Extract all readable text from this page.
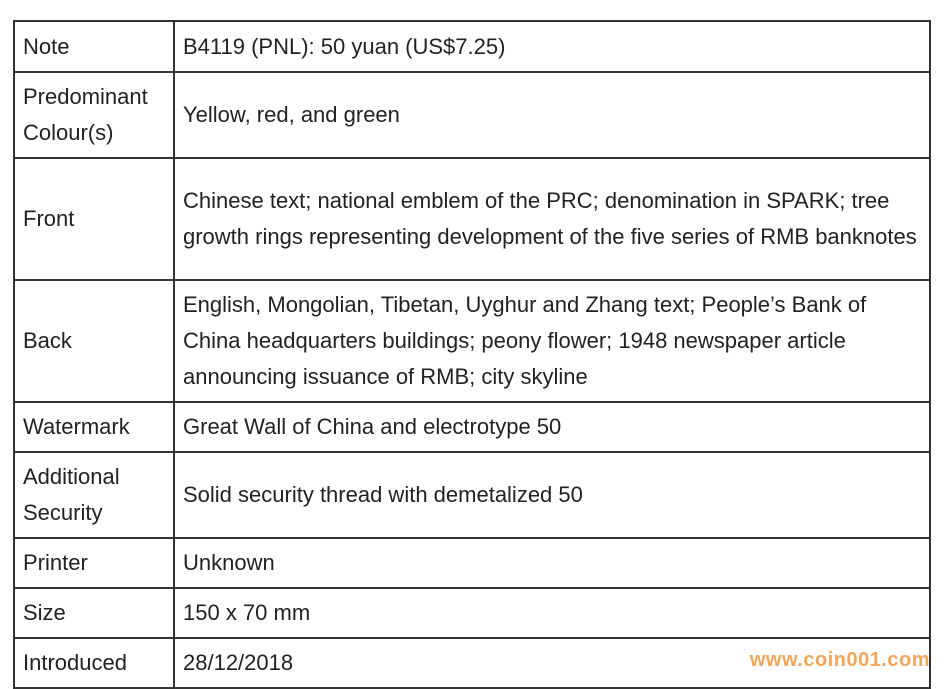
Note	B4119 (PNL): 50 yuan (US$7.25)
Predominant Colour(s)	Yellow, red, and green
Front	Chinese text; national emblem of the PRC; denomination in SPARK; tree growth rings representing development of the five series of RMB banknotes
Back	English, Mongolian, Tibetan, Uyghur and Zhang text; People’s Bank of China headquarters buildings; peony flower; 1948 newspaper article announcing issuance of RMB; city skyline
Watermark	Great Wall of China and electrotype 50
Additional Security	Solid security thread with demetalized 50
Printer	Unknown
Size	150 x 70 mm
Introduced	28/12/2018	www.coin001.com
